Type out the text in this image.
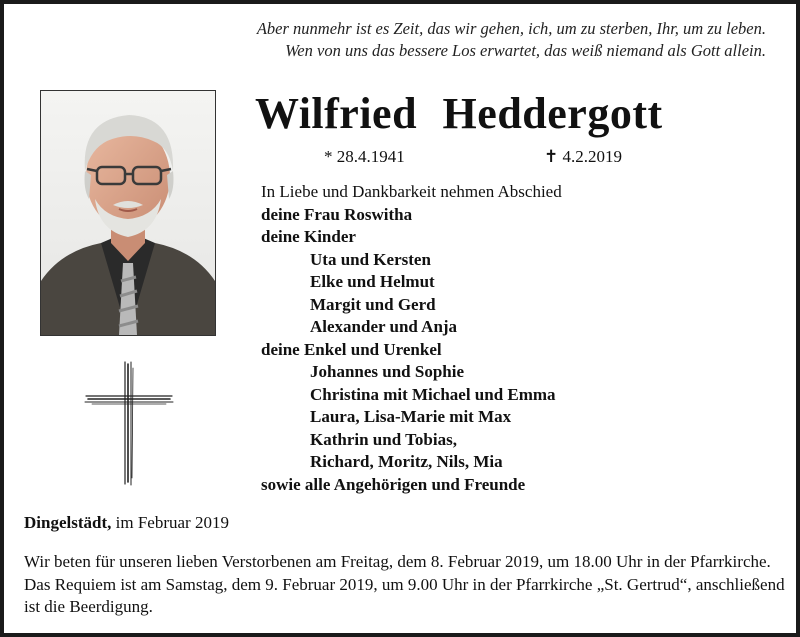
Aber nunmehr ist es Zeit, das wir gehen, ich, um zu sterben, Ihr, um zu leben.
Wen von uns das bessere Los erwartet, das weiß niemand als Gott allein.
Wilfried Heddergott
* 28.4.1941	✝ 4.2.2019
In Liebe und Dankbarkeit nehmen Abschied
deine Frau Roswitha
deine Kinder
Uta und Kersten
Elke und Helmut
Margit und Gerd
Alexander und Anja
deine Enkel und Urenkel
Johannes und Sophie
Christina mit Michael und Emma
Laura, Lisa-Marie mit Max
Kathrin und Tobias,
Richard, Moritz, Nils, Mia
sowie alle Angehörigen und Freunde
Dingelstädt, im Februar 2019
Wir beten für unseren lieben Verstorbenen am Freitag, dem 8. Februar 2019, um 18.00 Uhr in der Pfarrkirche. Das Requiem ist am Samstag, dem 9. Februar 2019, um 9.00 Uhr in der Pfarrkirche „St. Gertrud“, anschließend ist die Beerdigung.
